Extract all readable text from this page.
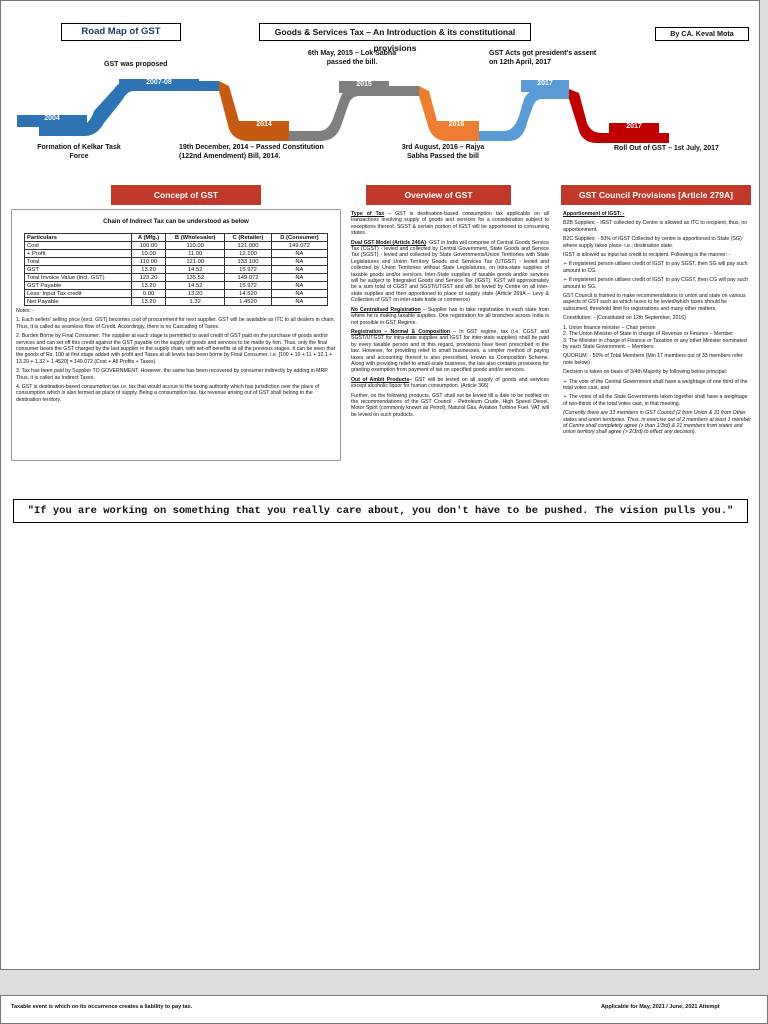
Road Map of GST	Goods & Services Tax – An Introduction & its constitutional provisions
By CA. Keval Mota
2004
2007-08
2014
2015
2016
2017
2017
GST was proposed
6th May, 2015 – Lok Sabha passed the bill.
GST Acts got president's assent on 12th April, 2017
Formation of Kelkar Task Force
19th December, 2014 – Passed Constitution (122nd Amendment) Bill, 2014.
3rd August, 2016 – Rajya Sabha Passed the bill
Roll Out of GST – 1st July, 2017
Concept of GST	Overview of GST	GST Council Provisions [Article 279A]
Chain of Indirect Tax can be understood as below
Particulars	A (Mfg.)	B (Wholesaler)	C (Retailer)	D (Consumer)
Cost	100.00	110.00	121.000	149.072
+ Profit	10.00	11.00	12.100	NA
Total	110.00	121.00	133.100	NA
GST	13.20	14.52	15.972	NA
Total Invoice Value (incl. GST)	123.20	135.52	149.072	NA
GST Payable	13.20	14.52	15.972	NA
Less: Input Tax credit	0.00	13.20	14.520	NA
Net Payable	13.20	1.32	1.4520	NA

Notes: -

1. Each sellers' selling price (excl. GST) becomes cost of procurement for next supplier. GST will be available as ITC to all dealers in chain. Thus, it is called as seamless flow of Credit. Accordingly, there is no Cascading of Taxes.

2. Burden Borne by Final Consumer: The supplier at each stage is permitted to avail credit of GST paid on the purchase of goods and/or services and can set off this credit against the GST payable on the supply of goods and services to be made by him. Thus, only the final consumer bears the GST charged by the last supplier in the supply chain, with set-off benefits at all the previous stages. It can be seen that the goods of Rs. 100 at first stage added with profit and Taxes at all levels has been borne by Final Consumer. i.e. [100 + 10 + 11 + 12.1 + 13.20 + 1.32 + 1.4520] = 149.072 (Cost + All Profits + Taxes)

3. Tax has been paid by Supplier TO GOVERNMENT. However, the same has been recovered by consumer indirectly by adding in MRP. Thus, it is called as Indirect Taxes.

4. GST is destination-based consumption tax i.e. tax that would accrue to the taxing authority which has jurisdiction over the place of consumption which is also termed as place of supply. Being a consumption tax, tax revenue arising out of GST shall belong to the destination territory.

Type of Tax – GST is destination-based consumption tax applicable on all transactions involving supply of goods and services for a consideration subject to exceptions thereof. SGST & certain portion of IGST will be apportioned to consuming states.

Dual GST Model (Article 246A)- GST in India will comprise of Central Goods Service Tax (CGST) - levied and collected by Central Government, State Goods and Service Tax (SGST) - levied and collected by State Governments/Union Territories with State Legislatures and Union Territory Goods and Services Tax (UTGST) - levied and collected by Union Territories without State Legislatures, on intra-state supplies of taxable goods and/or services. Inter-State supplies of taxable goods and/or services will be subject to Integrated Goods and Service Tax (IGST). IGST will approximately be a sum total of CGST and SGST/UTGST and will be levied by Centre on all inter-state supplies and then apportioned to place of supply state (Article 269A – Levy & Collection of GST on inter-state trade or commerce)

No Centralised Registration – Supplier has to take registration in each state from where he is making taxable supplies. One registration for all branches across India is not possible in GST Regime.

Registration – Normal & Composition – In GST regime, tax (i.e. CGST and SGST/UTGST for intra-state supplies and IGST for inter-state supplies) shall be paid by every taxable person and in this regard, provisions have been prescribed in the law. However, for providing relief to small businesses, a simpler method of paying taxes and accounting thereof is also prescribed, known as Composition Scheme. Along with providing relief to small-scale business, the law also contains provisions for granting exemption from payment of tax on specified goods and/or services.

Out of Ambit Products– GST will be levied on all supply of goods and services except alcoholic liquor for human consumption. (Article 366)

Further, on the following products, GST shall not be levied till a date to be notified on the recommendations of the GST Council - Petroleum Crude, High Speed Diesel, Motor Spirit (commonly known as Petrol), Natural Gas, Aviation Turbine Fuel. VAT will be levied on such products.

Apportionment of IGST: -

B2B Supplies: - IGST collected by Centre is allowed as ITC to recipient, thus, no apportionment.

B2C Supplies: - 50% of IGST Collected by centre is apportioned to State (SG) where supply takes place- i.e., destination state.

IGST is allowed as input tax credit to recipient. Following is the manner: -

➢ If registered person utilises credit of IGST to pay SGST, then SG will pay such amount to CG.

➢ If registered person utilises credit of IGST to pay CGST, then CG will pay such amount to SG.

GST Council is framed to make recommendations to union and state on various aspects of GST such as which taxes to be levied/which taxes should be subsumed, threshold limit for registrations and many other matters.

Constitution: - (Constituted on 12th September, 2016)

1. Union finance minister – Chair person

2. The Union Minister of State in charge of Revenue or Finance – Member

3. The Minister in charge of Finance or Taxation or any other Minister nominated by each State Government. – Members

QUORUM: - 50% of Total Members (Min 17 members out of 33 members refer note below)

Decision is taken on basis of 3/4th Majority by following below principal:

➢ The vote of the Central Government shall have a weightage of one third of the total votes cast, and

➢ The votes of all the State Governments taken together shall have a weightage of two-thirds of the total votes cast, in that meeting.

(Currently there are 33 members in GST Council (2 from Union & 31 from Other states and union territories. Thus, in exercise out of 2 members at least 1 member of Centre shall completely agree (> than 1/3rd) & 21 members from states and union territory shall agree (> 2/3rd) to effect any decision).

"If you are working on something that you really care about, you don't have to be pushed. The vision pulls you."
Taxable event is which on its occurrence creates a liability to pay tax.	Applicable for May, 2021 / June, 2021 Attempt
